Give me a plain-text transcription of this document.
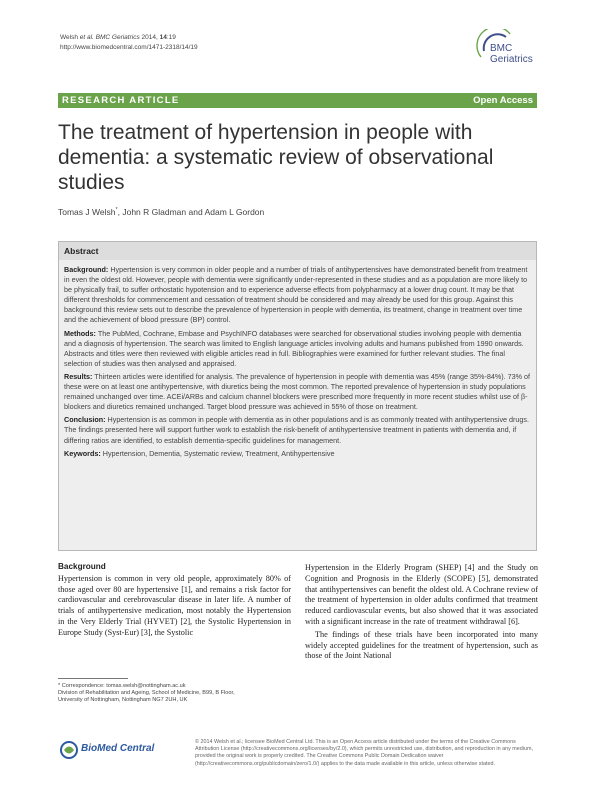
Welsh et al. BMC Geriatrics 2014, 14:19
http://www.biomedcentral.com/1471-2318/14/19	BMC
Geriatrics
RESEARCH ARTICLE	Open Access
The treatment of hypertension in people with dementia: a systematic review of observational studies
Tomas J Welsh*, John R Gladman and Adam L Gordon
Abstract

Background: Hypertension is very common in older people and a number of trials of antihypertensives have demonstrated benefit from treatment in even the oldest old. However, people with dementia were significantly under-represented in these studies and as a population are more likely to be physically frail, to suffer orthostatic hypotension and to experience adverse effects from polypharmacy at a lower drug count. It may be that different thresholds for commencement and cessation of treatment should be considered and may already be used for this group. Against this background this review sets out to describe the prevalence of hypertension in people with dementia, its treatment, change in treatment over time and the achievement of blood pressure (BP) control.

Methods: The PubMed, Cochrane, Embase and PsychINFO databases were searched for observational studies involving people with dementia and a diagnosis of hypertension. The search was limited to English language articles involving adults and humans published from 1990 onwards. Abstracts and titles were then reviewed with eligible articles read in full. Bibliographies were examined for further relevant studies. The final selection of studies was then analysed and appraised.

Results: Thirteen articles were identified for analysis. The prevalence of hypertension in people with dementia was 45% (range 35%-84%). 73% of these were on at least one antihypertensive, with diuretics being the most common. The reported prevalence of hypertension in study populations remained unchanged over time. ACEi/ARBs and calcium channel blockers were prescribed more frequently in more recent studies whilst use of β-blockers and diuretics remained unchanged. Target blood pressure was achieved in 55% of those on treatment.

Conclusion: Hypertension is as common in people with dementia as in other populations and is as commonly treated with antihypertensive drugs. The findings presented here will support further work to establish the risk-benefit of antihypertensive treatment in patients with dementia and, if differing ratios are identified, to establish dementia-specific guidelines for management.

Keywords: Hypertension, Dementia, Systematic review, Treatment, Antihypertensive

Background

Hypertension is common in very old people, approximately 80% of those aged over 80 are hypertensive [1], and remains a risk factor for cardiovascular and cerebrovascular disease in later life. A number of trials of antihypertensive medication, most notably the Hypertension in the Very Elderly Trial (HYVET) [2], the Systolic Hypertension in Europe Study (Syst-Eur) [3], the Systolic

Hypertension in the Elderly Program (SHEP) [4] and the Study on Cognition and Prognosis in the Elderly (SCOPE) [5], demonstrated that antihypertensives can benefit the oldest old. A Cochrane review of the treatment of hypertension in older adults confirmed that treatment reduced cardiovascular events, but also showed that it was associated with a significant increase in the rate of treatment withdrawal [6].

The findings of these trials have been incorporated into many widely accepted guidelines for the treatment of hypertension, such as those of the Joint National

* Correspondence: tomas.welsh@nottingham.ac.uk
Division of Rehabilitation and Ageing, School of Medicine, B99, B Floor,
University of Nottingham, Nottingham NG7 2UH, UK
BioMed Central
© 2014 Welsh et al.; licensee BioMed Central Ltd. This is an Open Access article distributed under the terms of the Creative Commons Attribution License (http://creativecommons.org/licenses/by/2.0), which permits unrestricted use, distribution, and reproduction in any medium, provided the original work is properly credited. The Creative Commons Public Domain Dedication waiver (http://creativecommons.org/publicdomain/zero/1.0/) applies to the data made available in this article, unless otherwise stated.
